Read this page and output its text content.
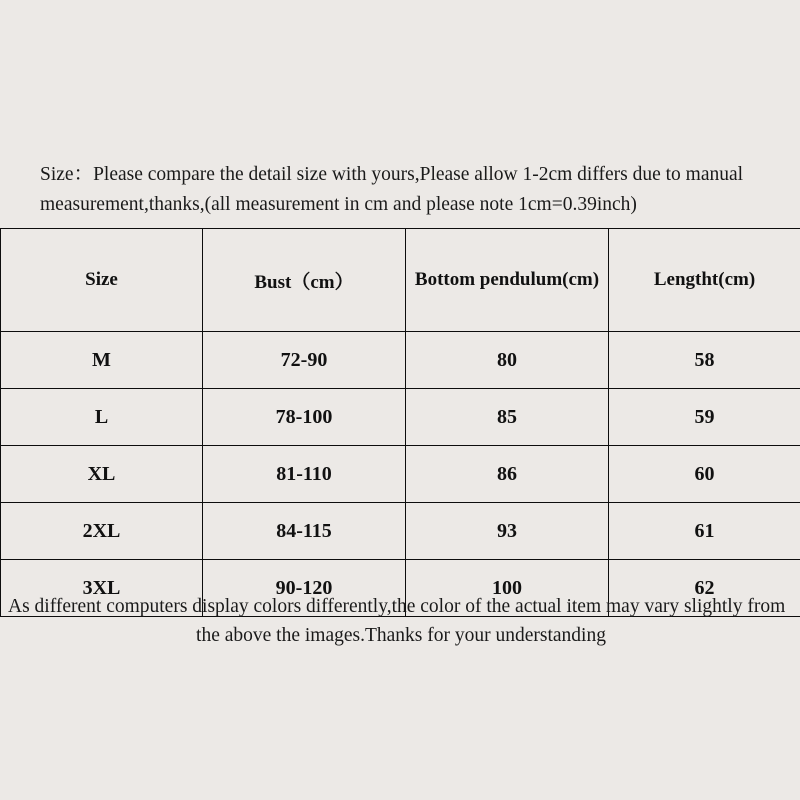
Size：Please compare the detail size with yours,Please allow 1-2cm differs due to manual measurement,thanks,(all measurement in cm and please note 1cm=0.39inch)
Size	Bust（cm）	Bottom pendulum(cm)	Lengtht(cm)
M	72-90	80	58
L	78-100	85	59
XL	81-110	86	60
2XL	84-115	93	61
3XL	90-120	100	62
As different computers display colors differently,the color of the actual item may vary slightly from
the above the images.Thanks for your understanding
